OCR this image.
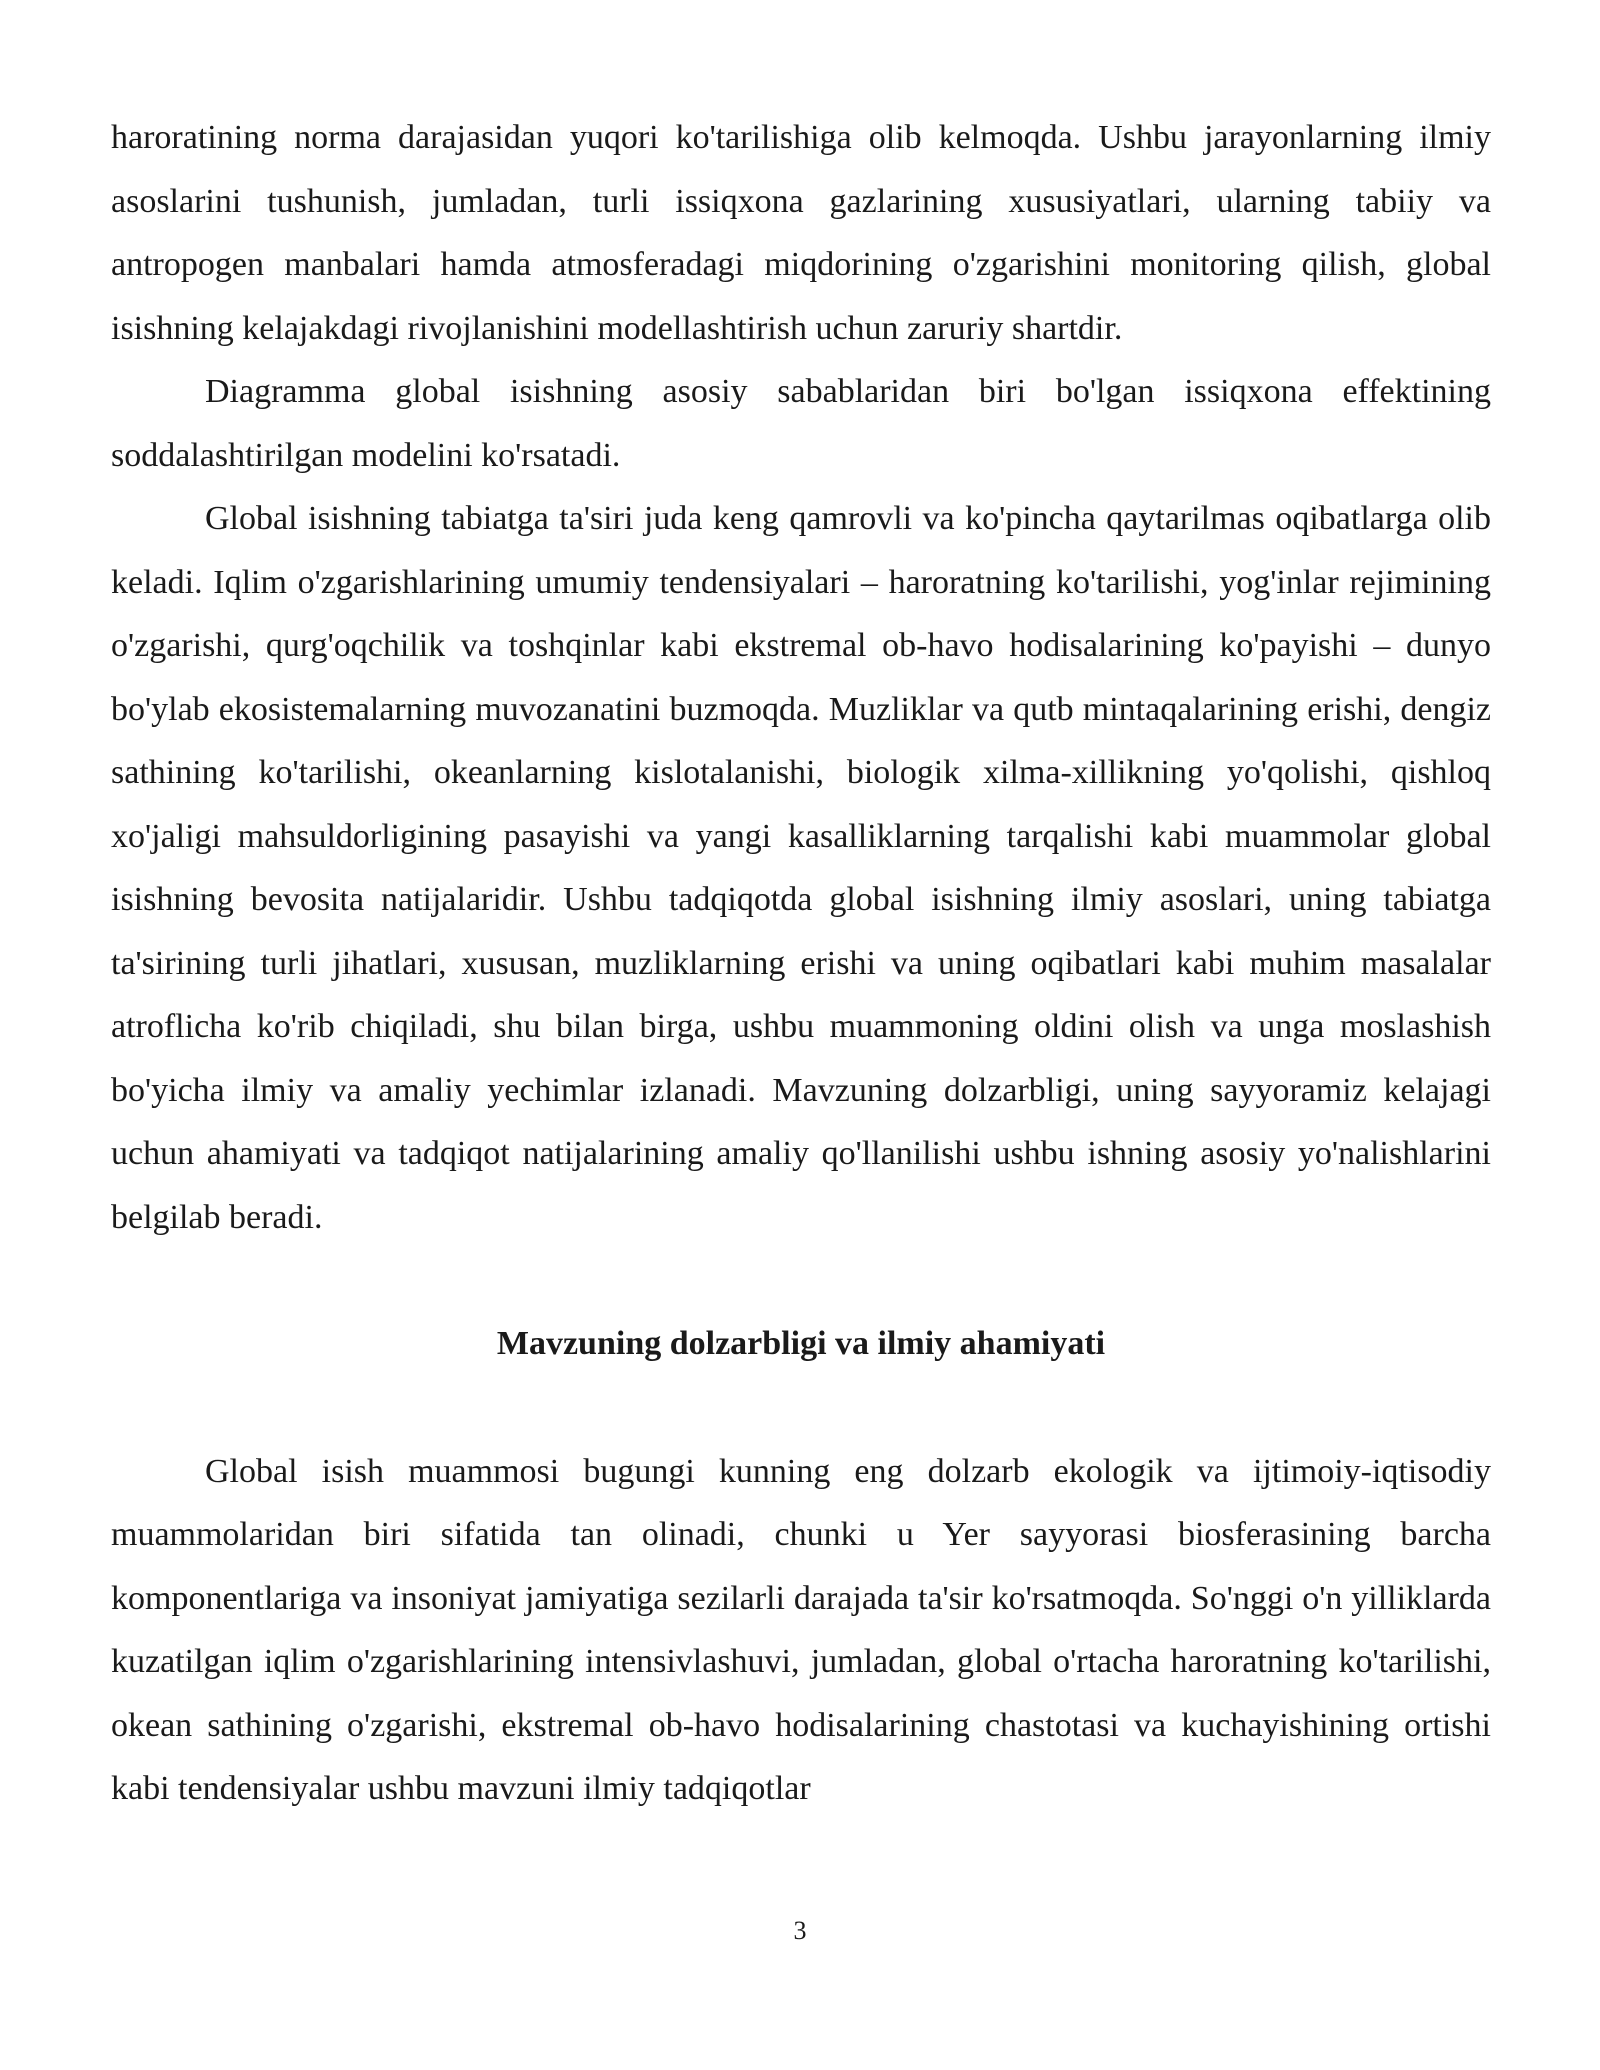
haroratining norma darajasidan yuqori ko'tarilishiga olib kelmoqda. Ushbu jarayonlarning ilmiy asoslarini tushunish, jumladan, turli issiqxona gazlarining xususiyatlari, ularning tabiiy va antropogen manbalari hamda atmosferadagi miqdorining o'zgarishini monitoring qilish, global isishning kelajakdagi rivojlanishini modellashtirish uchun zaruriy shartdir.

Diagramma global isishning asosiy sabablaridan biri bo'lgan issiqxona effektining soddalashtirilgan modelini ko'rsatadi.

Global isishning tabiatga ta'siri juda keng qamrovli va ko'pincha qaytarilmas oqibatlarga olib keladi. Iqlim o'zgarishlarining umumiy tendensiyalari – haroratning ko'tarilishi, yog'inlar rejimining o'zgarishi, qurg'oqchilik va toshqinlar kabi ekstremal ob-havo hodisalarining ko'payishi – dunyo bo'ylab ekosistemalarning muvozanatini buzmoqda. Muzliklar va qutb mintaqalarining erishi, dengiz sathining ko'tarilishi, okeanlarning kislotalanishi, biologik xilma-xillikning yo'qolishi, qishloq xo'jaligi mahsuldorligining pasayishi va yangi kasalliklarning tarqalishi kabi muammolar global isishning bevosita natijalaridir. Ushbu tadqiqotda global isishning ilmiy asoslari, uning tabiatga ta'sirining turli jihatlari, xususan, muzliklarning erishi va uning oqibatlari kabi muhim masalalar atroflicha ko'rib chiqiladi, shu bilan birga, ushbu muammoning oldini olish va unga moslashish bo'yicha ilmiy va amaliy yechimlar izlanadi. Mavzuning dolzarbligi, uning sayyoramiz kelajagi uchun ahamiyati va tadqiqot natijalarining amaliy qo'llanilishi ushbu ishning asosiy yo'nalishlarini belgilab beradi.

Mavzuning dolzarbligi va ilmiy ahamiyati

Global isish muammosi bugungi kunning eng dolzarb ekologik va ijtimoiy-iqtisodiy muammolaridan biri sifatida tan olinadi, chunki u Yer sayyorasi biosferasining barcha komponentlariga va insoniyat jamiyatiga sezilarli darajada ta'sir ko'rsatmoqda. So'nggi o'n yilliklarda kuzatilgan iqlim o'zgarishlarining intensivlashuvi, jumladan, global o'rtacha haroratning ko'tarilishi, okean sathining o'zgarishi, ekstremal ob-havo hodisalarining chastotasi va kuchayishining ortishi kabi tendensiyalar ushbu mavzuni ilmiy tadqiqotlar

3
